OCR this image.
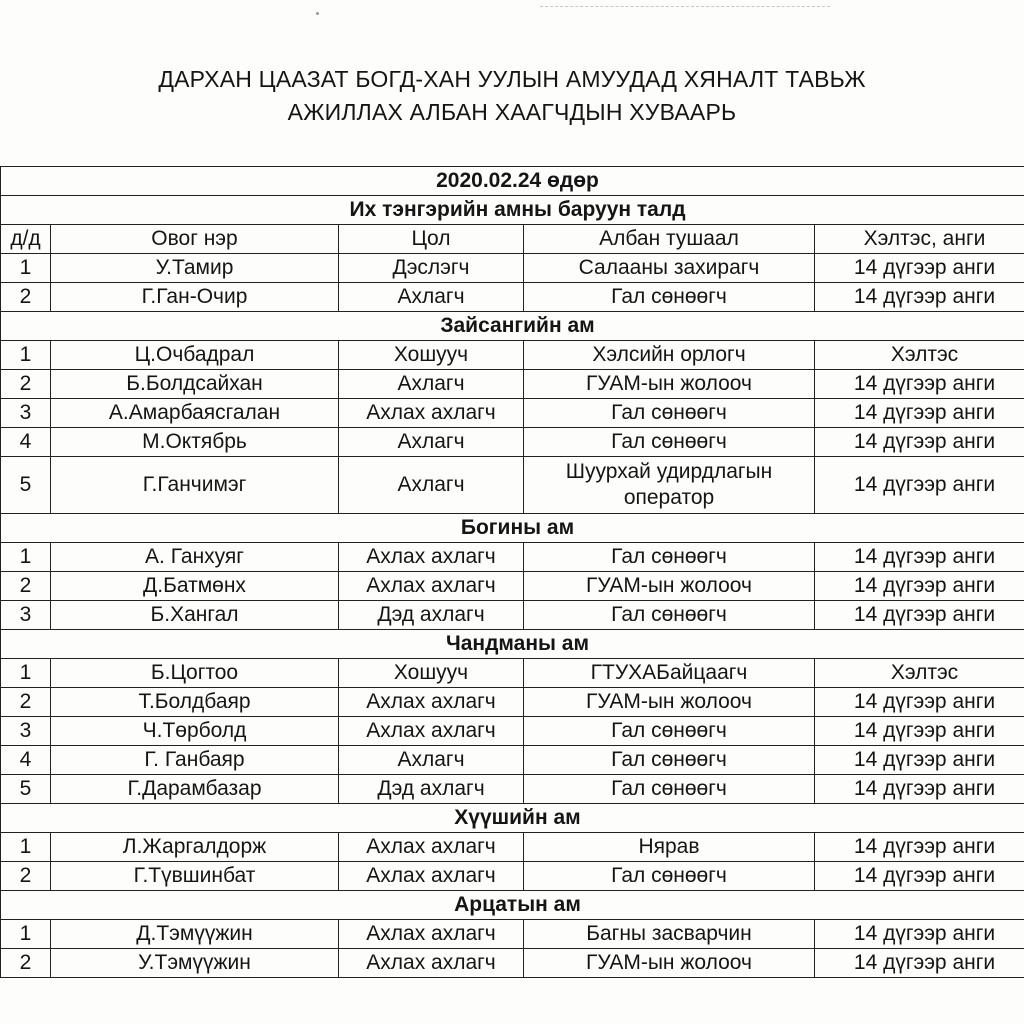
ДАРХАН ЦААЗАТ БОГД-ХАН УУЛЫН АМУУДАД ХЯНАЛТ ТАВЬЖ
АЖИЛЛАХ АЛБАН ХААГЧДЫН ХУВААРЬ
2020.02.24 өдөр				
Их тэнгэрийн амны баруун талд				
д/д	Овог нэр	Цол	Албан тушаал	Хэлтэс, анги
1	У.Тамир	Дэслэгч	Салааны захирагч	14 дүгээр анги
2	Г.Ган-Очир	Ахлагч	Гал сөнөөгч	14 дүгээр анги
Зайсангийн ам				
1	Ц.Очбадрал	Хошууч	Хэлсийн орлогч	Хэлтэс
2	Б.Болдсайхан	Ахлагч	ГУАМ-ын жолооч	14 дүгээр анги
3	А.Амарбаясгалан	Ахлах ахлагч	Гал сөнөөгч	14 дүгээр анги
4	М.Октябрь	Ахлагч	Гал сөнөөгч	14 дүгээр анги
5	Г.Ганчимэг	Ахлагч	Шуурхай удирдлагын оператор	14 дүгээр анги
Богины ам				
1	А. Ганхуяг	Ахлах ахлагч	Гал сөнөөгч	14 дүгээр анги
2	Д.Батмөнх	Ахлах ахлагч	ГУАМ-ын жолооч	14 дүгээр анги
3	Б.Хангал	Дэд ахлагч	Гал сөнөөгч	14 дүгээр анги
Чандманы ам				
1	Б.Цогтоо	Хошууч	ГТУХАБайцаагч	Хэлтэс
2	Т.Болдбаяр	Ахлах ахлагч	ГУАМ-ын жолооч	14 дүгээр анги
3	Ч.Төрболд	Ахлах ахлагч	Гал сөнөөгч	14 дүгээр анги
4	Г. Ганбаяр	Ахлагч	Гал сөнөөгч	14 дүгээр анги
5	Г.Дарамбазар	Дэд ахлагч	Гал сөнөөгч	14 дүгээр анги
Хүүшийн ам				
1	Л.Жаргалдорж	Ахлах ахлагч	Нярав	14 дүгээр анги
2	Г.Түвшинбат	Ахлах ахлагч	Гал сөнөөгч	14 дүгээр анги
Арцатын ам				
1	Д.Тэмүүжин	Ахлах ахлагч	Багны засварчин	14 дүгээр анги
2	У.Тэмүүжин	Ахлах ахлагч	ГУАМ-ын жолооч	14 дүгээр анги
